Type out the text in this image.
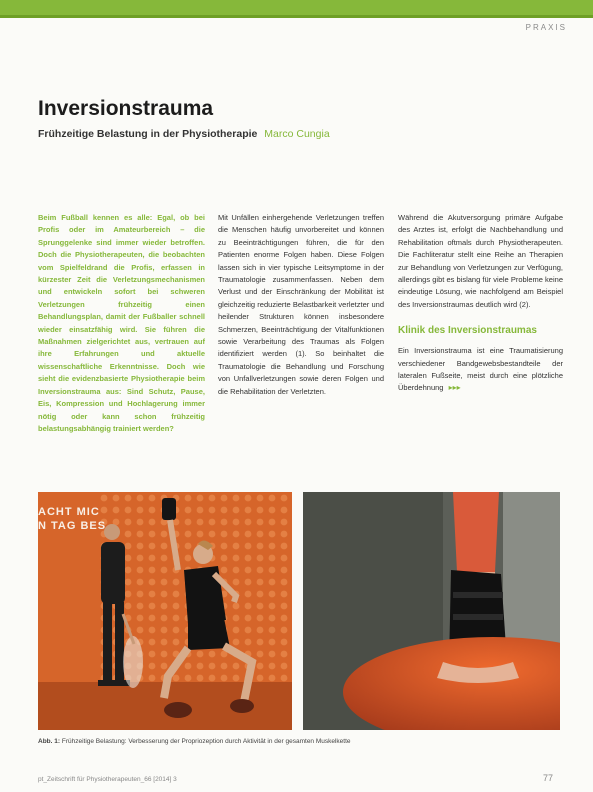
PRAXIS
Inversionstrauma
Frühzeitige Belastung in der Physiotherapie Marco Cungia
Beim Fußball kennen es alle: Egal, ob bei Profis oder im Amateurbereich – die Sprunggelenke sind immer wieder betroffen. Doch die Physiotherapeuten, die beobachten vom Spielfeldrand die Profis, erfassen in kürzester Zeit die Verletzungsmechanismen und entwickeln sofort bei schweren Verletzungen frühzeitig einen Behandlungsplan, damit der Fußballer schnell wieder einsatzfähig wird. Sie führen die Maßnahmen zielgerichtet aus, vertrauen auf ihre Erfahrungen und aktuelle wissenschaftliche Erkenntnisse. Doch wie sieht die evidenzbasierte Physiotherapie beim Inversionstrauma aus: Sind Schutz, Pause, Eis, Kompression und Hochlagerung immer nötig oder kann schon frühzeitig belastungsabhängig trainiert werden?
Mit Unfällen einhergehende Verletzungen treffen die Menschen häufig unvorbereitet und können zu Beeinträchtigungen führen, die für den Patienten enorme Folgen haben. Diese Folgen lassen sich in vier typische Leitsymptome in der Traumatologie zusammenfassen. Neben dem Verlust und der Einschränkung der Mobilität ist gleichzeitig reduzierte Belastbarkeit verletzter und heilender Strukturen können insbesondere Schmerzen, Beeinträchtigung der Vitalfunktionen sowie Verarbeitung des Traumas als Folgen identifiziert werden (1). So beinhaltet die Traumatologie die Behandlung und Forschung von Unfallverletzungen sowie deren Folgen und die Rehabilitation der Verletzten.
Während die Akutversorgung primäre Aufgabe des Arztes ist, erfolgt die Nachbehandlung und Rehabilitation oftmals durch Physiotherapeuten. Die Fachliteratur stellt eine Reihe an Therapien zur Behandlung von Verletzungen zur Verfügung, allerdings gibt es bislang für viele Probleme keine eindeutige Lösung, wie nachfolgend am Beispiel des Inversionstraumas deutlich wird (2).
Klinik des Inversionstraumas
Ein Inversionstrauma ist eine Traumatisierung verschiedener Bandgewebsbestandteile der lateralen Fußseite, meist durch eine plötzliche Überdehnung ▸▸▸
ACHT MIC
N TAG BES
Abb. 1: Frühzeitige Belastung: Verbesserung der Propriozeption durch Aktivität in der gesamten Muskelkette
pt_Zeitschrift für Physiotherapeuten_66 [2014] 3	77
